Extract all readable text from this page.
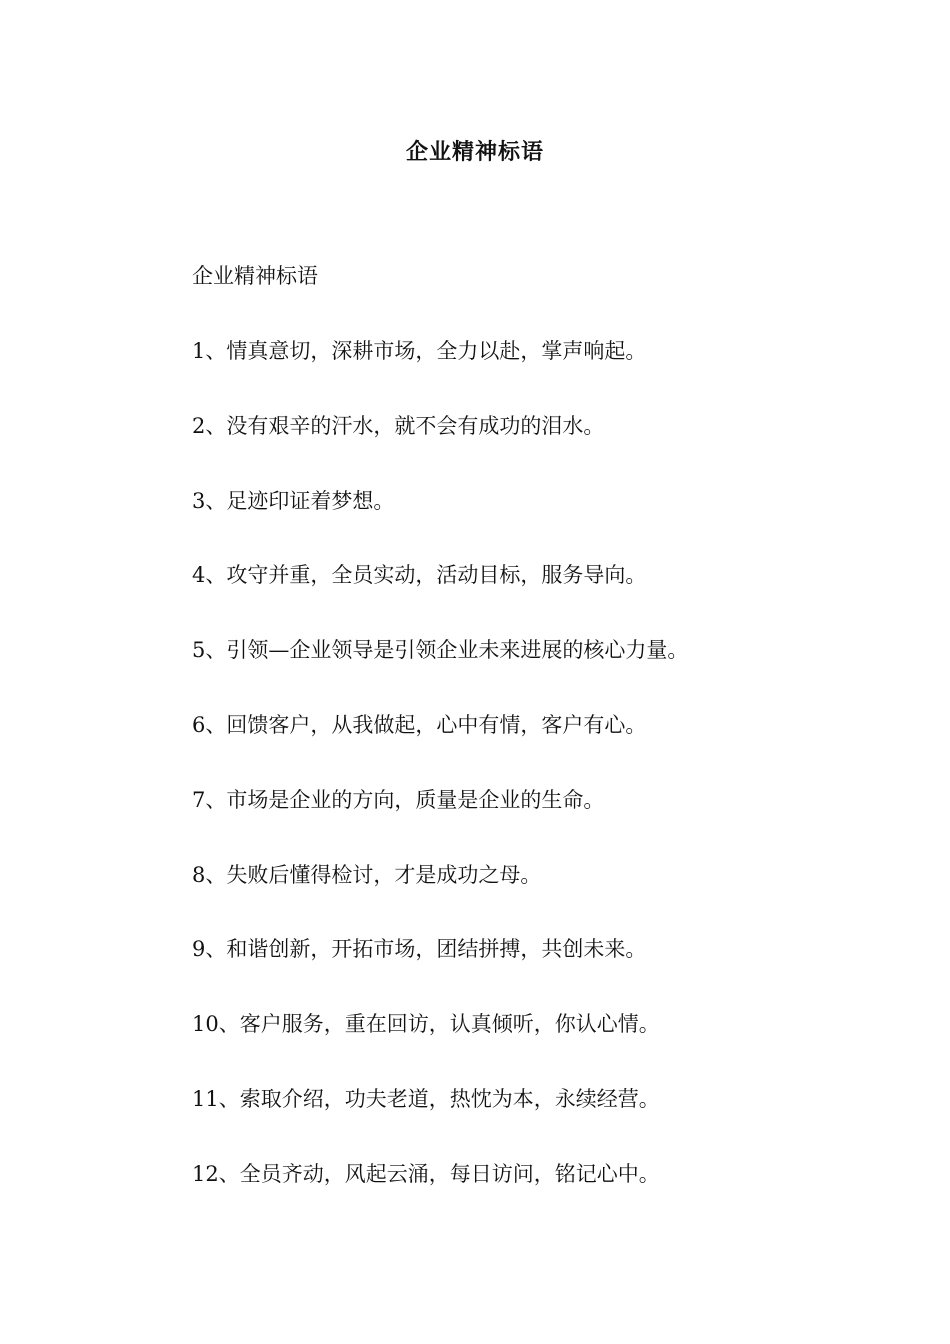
企业精神标语

企业精神标语

1、情真意切，深耕市场，全力以赴，掌声响起。
2、没有艰辛的汗水，就不会有成功的泪水。
3、足迹印证着梦想。
4、攻守并重，全员实动，活动目标，服务导向。
5、引领—企业领导是引领企业未来进展的核心力量。
6、回馈客户，从我做起，心中有情，客户有心。
7、市场是企业的方向，质量是企业的生命。
8、失败后懂得检讨，才是成功之母。
9、和谐创新，开拓市场，团结拼搏，共创未来。
10、客户服务，重在回访，认真倾听，你认心情。
11、索取介绍，功夫老道，热忱为本，永续经营。
12、全员齐动，风起云涌，每日访问，铭记心中。
